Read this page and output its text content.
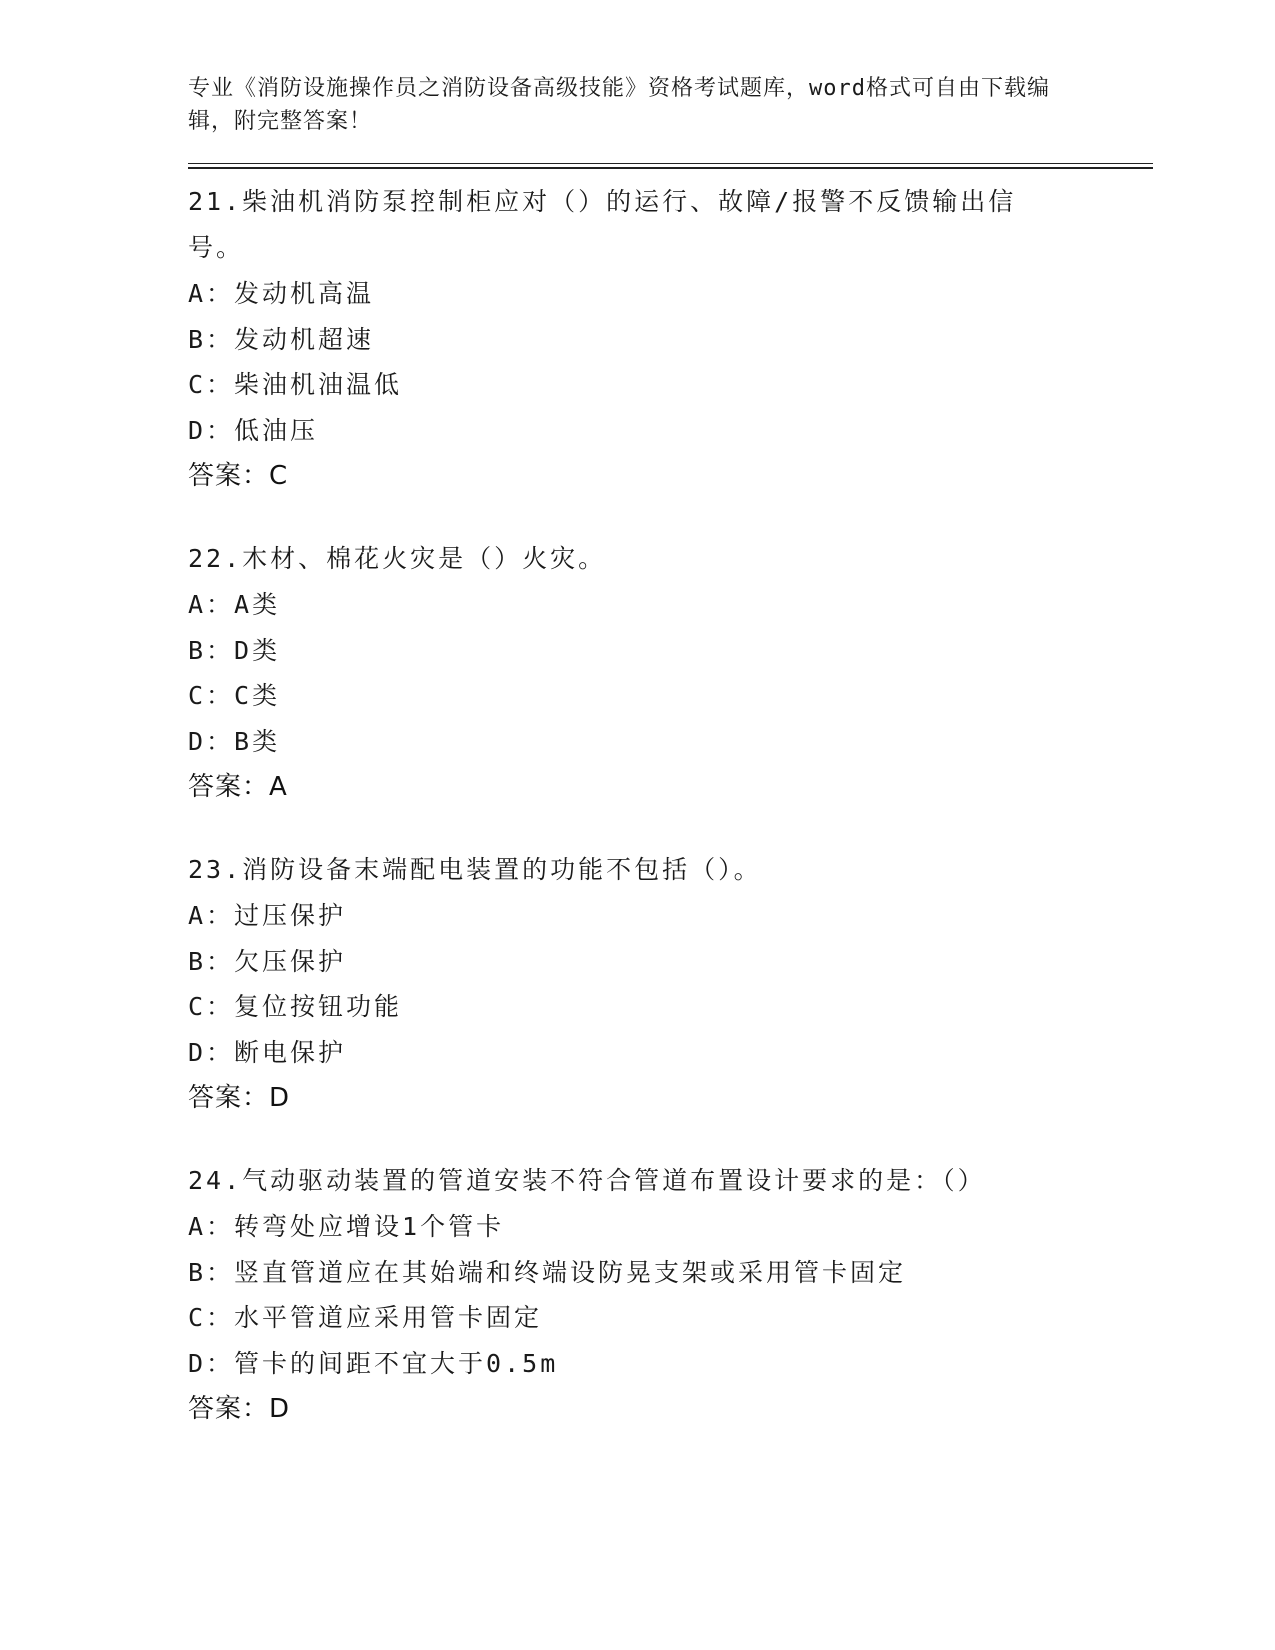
专业《消防设施操作员之消防设备高级技能》资格考试题库，word格式可自由下载编辑，附完整答案！
21.柴油机消防泵控制柜应对（）的运行、故障/报警不反馈输出信号。
A：发动机高温
B：发动机超速
C：柴油机油温低
D：低油压
答案：C
22.木材、棉花火灾是（）火灾。
A：A类
B：D类
C：C类
D：B类
答案：A
23.消防设备末端配电装置的功能不包括（）。
A：过压保护
B：欠压保护
C：复位按钮功能
D：断电保护
答案：D
24.气动驱动装置的管道安装不符合管道布置设计要求的是：（）
A：转弯处应增设1个管卡
B：竖直管道应在其始端和终端设防晃支架或采用管卡固定
C：水平管道应采用管卡固定
D：管卡的间距不宜大于0.5m
答案：D
